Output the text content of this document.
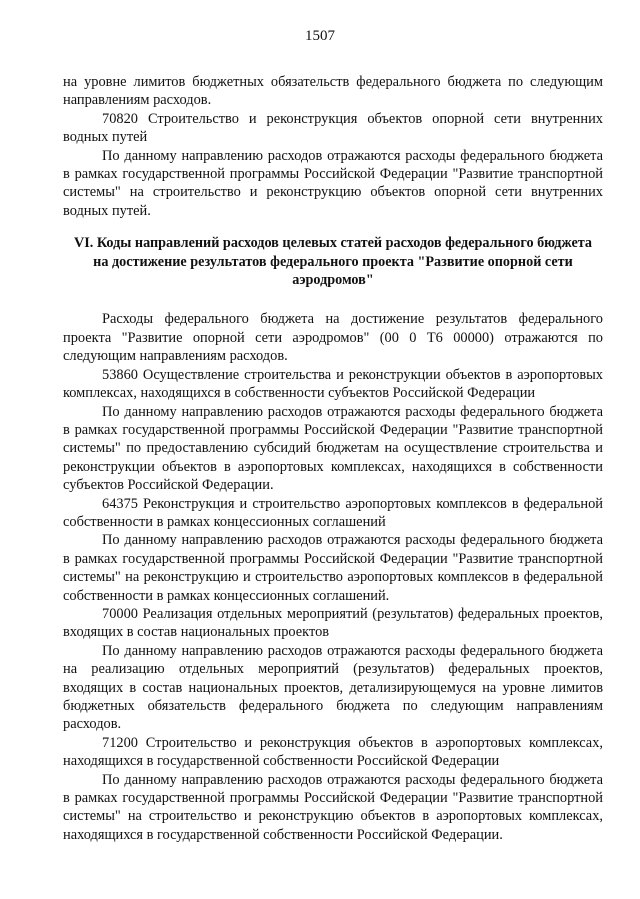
1507

на уровне лимитов бюджетных обязательств федерального бюджета по следующим направлениям расходов.

70820 Строительство и реконструкция объектов опорной сети внутренних водных путей

По данному направлению расходов отражаются расходы федерального бюджета в рамках государственной программы Российской Федерации "Развитие транспортной системы" на строительство и реконструкцию объектов опорной сети внутренних водных путей.

VI. Коды направлений расходов целевых статей расходов федерального бюджета на достижение результатов федерального проекта "Развитие опорной сети аэродромов"

Расходы федерального бюджета на достижение результатов федерального проекта "Развитие опорной сети аэродромов" (00 0 Т6 00000) отражаются по следующим направлениям расходов.

53860 Осуществление строительства и реконструкции объектов в аэропортовых комплексах, находящихся в собственности субъектов Российской Федерации

По данному направлению расходов отражаются расходы федерального бюджета в рамках государственной программы Российской Федерации "Развитие транспортной системы" по предоставлению субсидий бюджетам на осуществление строительства и реконструкции объектов в аэропортовых комплексах, находящихся в собственности субъектов Российской Федерации.

64375 Реконструкция и строительство аэропортовых комплексов в федеральной собственности в рамках концессионных соглашений

По данному направлению расходов отражаются расходы федерального бюджета в рамках государственной программы Российской Федерации "Развитие транспортной системы" на реконструкцию и строительство аэропортовых комплексов в федеральной собственности в рамках концессионных соглашений.

70000 Реализация отдельных мероприятий (результатов) федеральных проектов, входящих в состав национальных проектов

По данному направлению расходов отражаются расходы федерального бюджета на реализацию отдельных мероприятий (результатов) федеральных проектов, входящих в состав национальных проектов, детализирующемуся на уровне лимитов бюджетных обязательств федерального бюджета по следующим направлениям расходов.

71200 Строительство и реконструкция объектов в аэропортовых комплексах, находящихся в государственной собственности Российской Федерации

По данному направлению расходов отражаются расходы федерального бюджета в рамках государственной программы Российской Федерации "Развитие транспортной системы" на строительство и реконструкцию объектов в аэропортовых комплексах, находящихся в государственной собственности Российской Федерации.
